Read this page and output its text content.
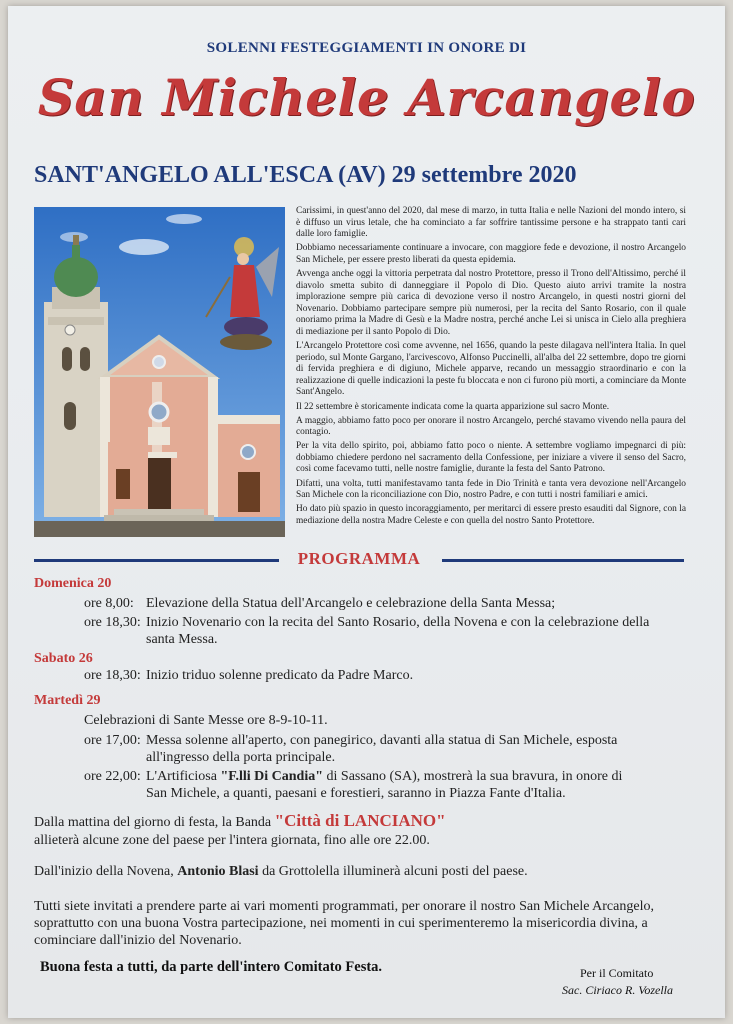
SOLENNI FESTEGGIAMENTI IN ONORE DI
San Michele Arcangelo
SANT'ANGELO ALL'ESCA (AV) 29 settembre 2020

Carissimi, in quest'anno del 2020, dal mese di marzo, in tutta Italia e nelle Nazioni del mondo intero, si è diffuso un virus letale, che ha cominciato a far soffrire tantissime persone e ha strappato tanti cari dalle loro famiglie.

Dobbiamo necessariamente continuare a invocare, con maggiore fede e devozione, il nostro Arcangelo San Michele, per essere presto liberati da questa epidemia.

Avvenga anche oggi la vittoria perpetrata dal nostro Protettore, presso il Trono dell'Altissimo, perché il diavolo smetta subito di danneggiare il Popolo di Dio. Questo aiuto arrivi tramite la nostra implorazione sempre più carica di devozione verso il nostro Arcangelo, in questi nostri giorni del Novenario. Dobbiamo partecipare sempre più numerosi, per la recita del Santo Rosario, con il quale onoriamo prima la Madre di Gesù e la Madre nostra, perché anche Lei si unisca in Cielo alla preghiera di mediazione per il santo Popolo di Dio.

L'Arcangelo Protettore così come avvenne, nel 1656, quando la peste dilagava nell'intera Italia. In quel periodo, sul Monte Gargano, l'arcivescovo, Alfonso Puccinelli, all'alba del 22 settembre, dopo tre giorni di fervida preghiera e di digiuno, Michele apparve, recando un messaggio straordinario e con la realizzazione di quelle indicazioni la peste fu bloccata e non ci furono più morti, a cominciare da Monte Sant'Angelo.

Il 22 settembre è storicamente indicata come la quarta apparizione sul sacro Monte.

A maggio, abbiamo fatto poco per onorare il nostro Arcangelo, perché stavamo vivendo nella paura del contagio.

Per la vita dello spirito, poi, abbiamo fatto poco o niente. A settembre vogliamo impegnarci di più: dobbiamo chiedere perdono nel sacramento della Confessione, per iniziare a vivere il senso del Sacro, così come facevamo tutti, nelle nostre famiglie, durante la festa del Santo Patrono.

Difatti, una volta, tutti manifestavamo tanta fede in Dio Trinità e tanta vera devozione nell'Arcangelo San Michele con la riconciliazione con Dio, nostro Padre, e con tutti i nostri familiari e amici.

Ho dato più spazio in questo incoraggiamento, per meritarci di essere presto esauditi dal Signore, con la mediazione della nostra Madre Celeste e con quella del nostro Santo Protettore.

PROGRAMMA
Domenica 20
ore 8,00: Elevazione della Statua dell'Arcangelo e celebrazione della Santa Messa;
ore 18,30: Inizio Novenario con la recita del Santo Rosario, della Novena e con la celebrazione della
santa Messa.
Sabato 26
ore 18,30: Inizio triduo solenne predicato da Padre Marco.
Martedì 29
Celebrazioni di Sante Messe ore 8-9-10-11.
ore 17,00: Messa solenne all'aperto, con panegirico, davanti alla statua di San Michele, esposta
all'ingresso della porta principale.
ore 22,00: L'Artificiosa "F.lli Di Candia" di Sassano (SA), mostrerà la sua bravura, in onore di
San Michele, a quanti, paesani e forestieri, saranno in Piazza Fante d'Italia.
Dalla mattina del giorno di festa, la Banda "Città di LANCIANO"
allieterà alcune zone del paese per l'intera giornata, fino alle ore 22.00.
Dall'inizio della Novena, Antonio Blasi da Grottolella illuminerà alcuni posti del paese.
Tutti siete invitati a prendere parte ai vari momenti programmati, per onorare il nostro San Michele Arcangelo,
soprattutto con una buona Vostra partecipazione, nei momenti in cui sperimenteremo la misericordia divina, a
cominciare dall'inizio del Novenario.
Buona festa a tutti, da parte dell'intero Comitato Festa.	Per il Comitato
Sac. Ciriaco R. Vozella
